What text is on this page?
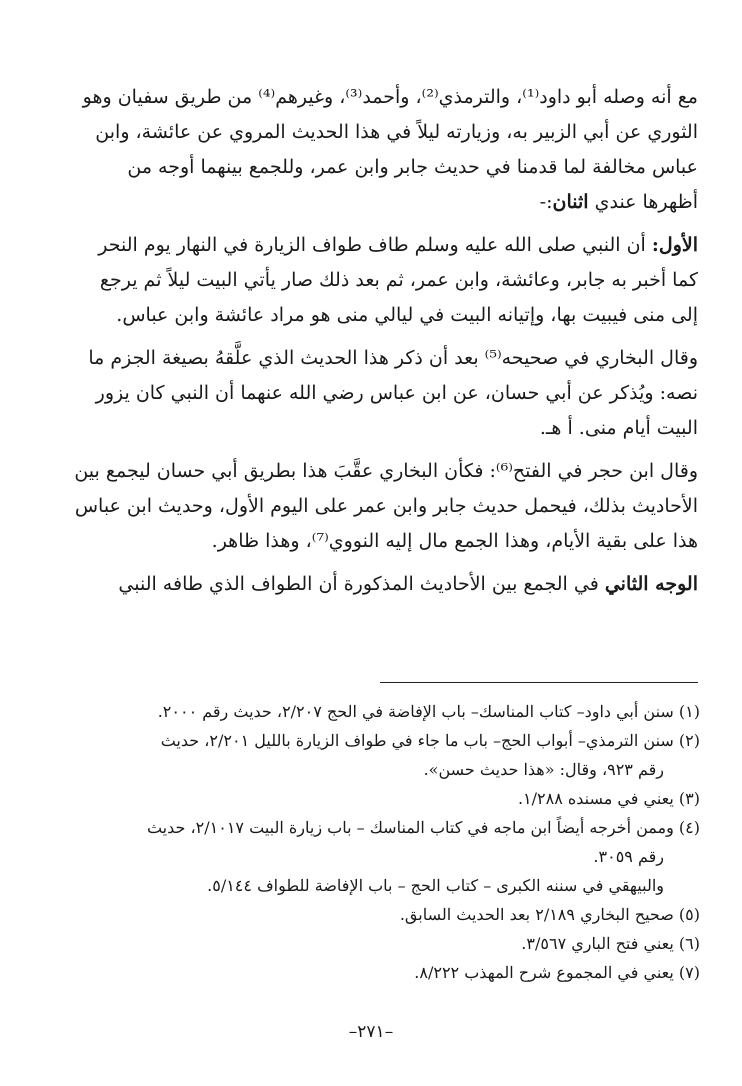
مع أنه وصله أبو داود⁽¹⁾، والترمذي⁽²⁾، وأحمد⁽³⁾، وغيرهم⁽⁴⁾ من طريق سفيان وهو الثوري عن أبي الزبير به، وزيارته ليلاً في هذا الحديث المروي عن عائشة، وابن عباس مخالفة لما قدمنا في حديث جابر وابن عمر، وللجمع بينهما أوجه من أظهرها عندي اثنان:-

الأول: أن النبي صلى الله عليه وسلم طاف طواف الزيارة في النهار يوم النحر كما أخبر به جابر، وعائشة، وابن عمر، ثم بعد ذلك صار يأتي البيت ليلاً ثم يرجع إلى منى فيبيت بها، وإتيانه البيت في ليالي منى هو مراد عائشة وابن عباس.

وقال البخاري في صحيحه⁽⁵⁾ بعد أن ذكر هذا الحديث الذي علَّقهُ بصيغة الجزم ما نصه: ويُذكر عن أبي حسان، عن ابن عباس رضي الله عنهما أن النبي كان يزور البيت أيام منى. أ هـ.

وقال ابن حجر في الفتح⁽⁶⁾: فكأن البخاري عقَّبَ هذا بطريق أبي حسان ليجمع بين الأحاديث بذلك، فيحمل حديث جابر وابن عمر على اليوم الأول، وحديث ابن عباس هذا على بقية الأيام، وهذا الجمع مال إليه النووي⁽⁷⁾، وهذا ظاهر.

الوجه الثاني في الجمع بين الأحاديث المذكورة أن الطواف الذي طافه النبي

(١) سنن أبي داود– كتاب المناسك– باب الإفاضة في الحج ٢/٢٠٧، حديث رقم ٢٠٠٠.

(٢) سنن الترمذي– أبواب الحج– باب ما جاء في طواف الزيارة بالليل ٢/٢٠١، حديث

رقم ٩٢٣، وقال: «هذا حديث حسن».

(٣) يعني في مسنده ١/٢٨٨.

(٤) وممن أخرجه أيضاً ابن ماجه في كتاب المناسك – باب زيارة البيت ٢/١٠١٧، حديث

رقم ٣٠٥٩.

والبيهقي في سننه الكبرى – كتاب الحج – باب الإفاضة للطواف ٥/١٤٤.

(٥) صحيح البخاري ٢/١٨٩ بعد الحديث السابق.

(٦) يعني فتح الباري ٣/٥٦٧.

(٧) يعني في المجموع شرح المهذب ٨/٢٢٢.

–٢٧١–
